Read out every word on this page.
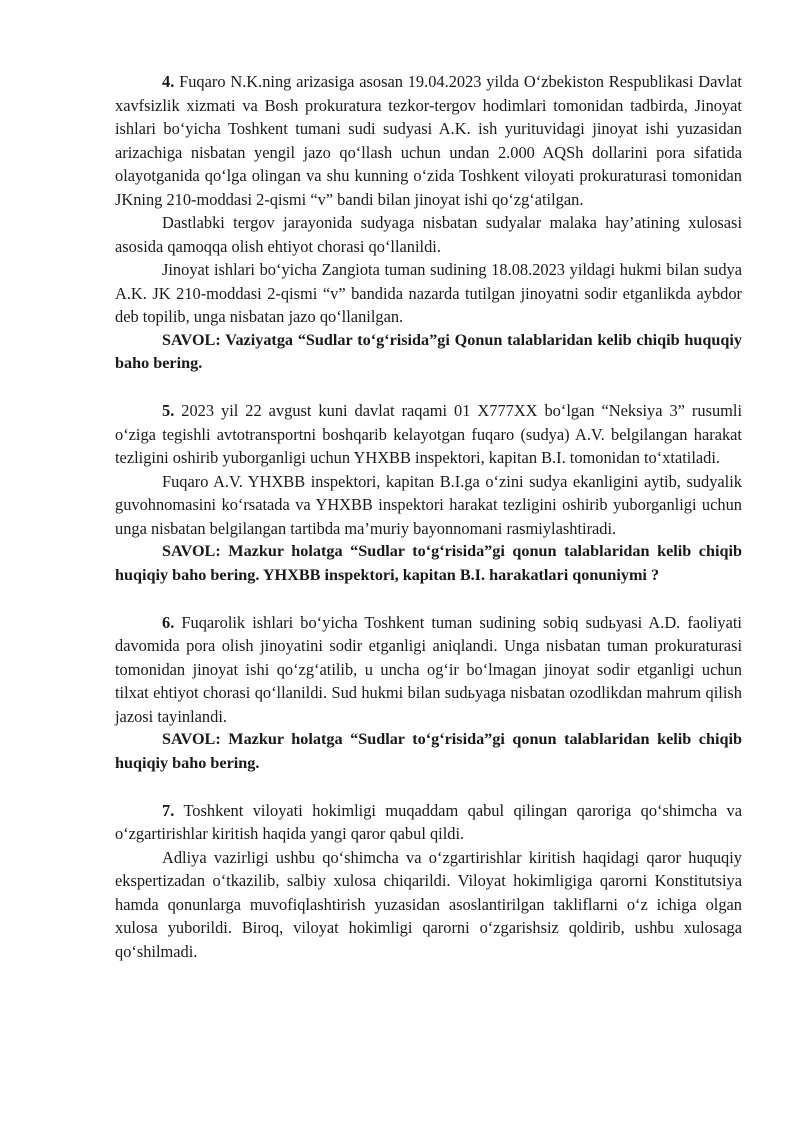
4. Fuqaro N.K.ning arizasiga asosan 19.04.2023 yilda O‘zbekiston Respublikasi Davlat xavfsizlik xizmati va Bosh prokuratura tezkor-tergov hodimlari tomonidan tadbirda, Jinoyat ishlari bo‘yicha Toshkent tumani sudi sudyasi A.K. ish yurituvidagi jinoyat ishi yuzasidan arizachiga nisbatan yengil jazo qo‘llash uchun undan 2.000 AQSh dollarini pora sifatida olayotganida qo‘lga olingan va shu kunning o‘zida Toshkent viloyati prokuraturasi tomonidan JKning 210-moddasi 2-qismi “v” bandi bilan jinoyat ishi qo‘zg‘atilgan.

Dastlabki tergov jarayonida sudyaga nisbatan sudyalar malaka hay’atining xulosasi asosida qamoqqa olish ehtiyot chorasi qo‘llanildi.

Jinoyat ishlari bo‘yicha Zangiota tuman sudining 18.08.2023 yildagi hukmi bilan sudya A.K. JK 210-moddasi 2-qismi “v” bandida nazarda tutilgan jinoyatni sodir etganlikda aybdor deb topilib, unga nisbatan jazo qo‘llanilgan.

SAVOL: Vaziyatga “Sudlar to‘g‘risida”gi Qonun talablaridan kelib chiqib huquqiy baho bering.

5. 2023 yil 22 avgust kuni davlat raqami 01 X777XX bo‘lgan “Neksiya 3” rusumli o‘ziga tegishli avtotransportni boshqarib kelayotgan fuqaro (sudya) A.V. belgilangan harakat tezligini oshirib yuborganligi uchun YHXBB inspektori, kapitan B.I. tomonidan to‘xtatiladi.

Fuqaro A.V. YHXBB inspektori, kapitan B.I.ga o‘zini sudya ekanligini aytib, sudyalik guvohnomasini ko‘rsatada va YHXBB inspektori harakat tezligini oshirib yuborganligi uchun unga nisbatan belgilangan tartibda ma’muriy bayonnomani rasmiylashtiradi.

SAVOL: Mazkur holatga “Sudlar to‘g‘risida”gi qonun talablaridan kelib chiqib huqiqiy baho bering. YHXBB inspektori, kapitan B.I. harakatlari qonuniymi ?

6. Fuqarolik ishlari bo‘yicha Toshkent tuman sudining sobiq sudьyasi A.D. faoliyati davomida pora olish jinoyatini sodir etganligi aniqlandi. Unga nisbatan tuman prokuraturasi tomonidan jinoyat ishi qo‘zg‘atilib, u uncha og‘ir bo‘lmagan jinoyat sodir etganligi uchun tilxat ehtiyot chorasi qo‘llanildi. Sud hukmi bilan sudьyaga nisbatan ozodlikdan mahrum qilish jazosi tayinlandi.

SAVOL: Mazkur holatga “Sudlar to‘g‘risida”gi qonun talablaridan kelib chiqib huqiqiy baho bering.

7. Toshkent viloyati hokimligi muqaddam qabul qilingan qaroriga qo‘shimcha va o‘zgartirishlar kiritish haqida yangi qaror qabul qildi.

Adliya vazirligi ushbu qo‘shimcha va o‘zgartirishlar kiritish haqidagi qaror huquqiy ekspertizadan o‘tkazilib, salbiy xulosa chiqarildi. Viloyat hokimligiga qarorni Konstitutsiya hamda qonunlarga muvofiqlashtirish yuzasidan asoslantirilgan takliflarni o‘z ichiga olgan xulosa yuborildi. Biroq, viloyat hokimligi qarorni o‘zgarishsiz qoldirib, ushbu xulosaga qo‘shilmadi.
